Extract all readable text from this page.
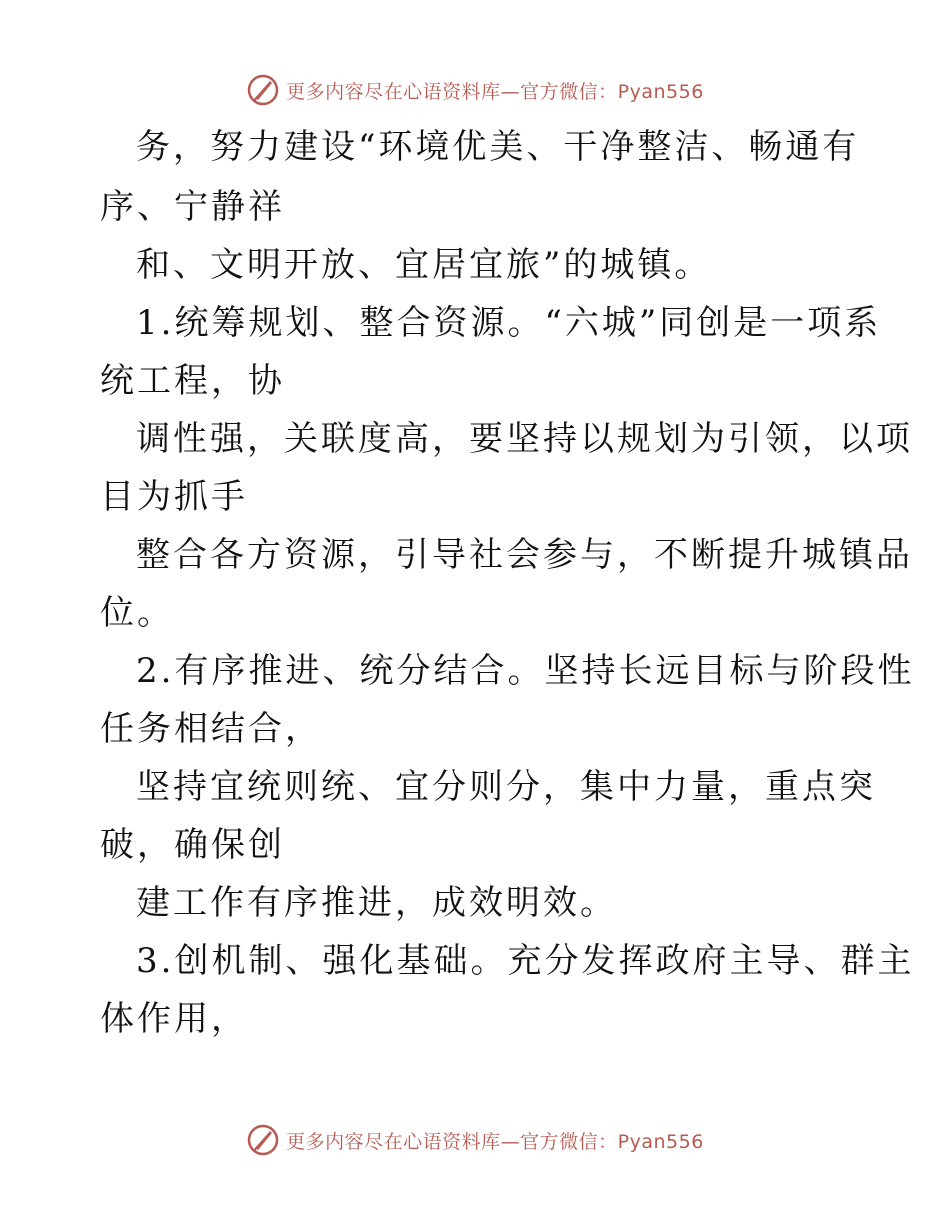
更多内容尽在心语资料库—官方微信：Pyan556
务，努力建设“环境优美、干净整洁、畅通有
序、宁静祥
和、文明开放、宜居宜旅”的城镇。
1.统筹规划、整合资源。“六城”同创是一项系
统工程，协
调性强，关联度高，要坚持以规划为引领，以项
目为抓手
整合各方资源，引导社会参与，不断提升城镇品
位。
2.有序推进、统分结合。坚持长远目标与阶段性
任务相结合，
坚持宜统则统、宜分则分，集中力量，重点突
破，确保创
建工作有序推进，成效明效。
3.创机制、强化基础。充分发挥政府主导、群主
体作用，
更多内容尽在心语资料库—官方微信：Pyan556
